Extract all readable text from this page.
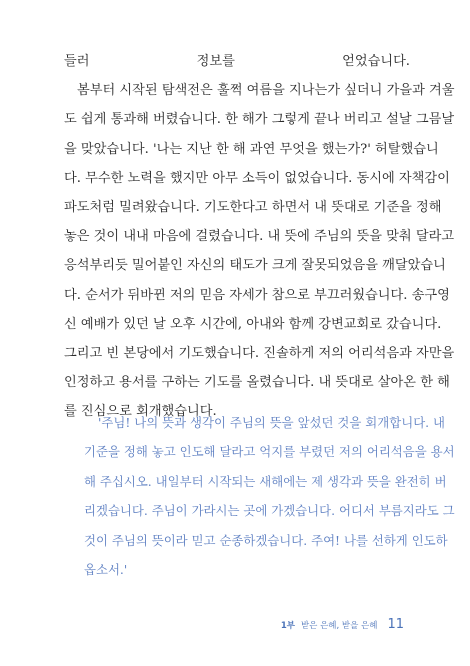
들러 정보를 얻었습니다.
봄부터 시작된 탐색전은 훌쩍 여름을 지나는가 싶더니 가을과 겨울
도 쉽게 통과해 버렸습니다. 한 해가 그렇게 끝나 버리고 설날 그믐날
을 맞았습니다. '나는 지난 한 해 과연 무엇을 했는가?' 허탈했습니
다. 무수한 노력을 했지만 아무 소득이 없었습니다. 동시에 자책감이
파도처럼 밀려왔습니다. 기도한다고 하면서 내 뜻대로 기준을 정해
놓은 것이 내내 마음에 걸렸습니다. 내 뜻에 주님의 뜻을 맞춰 달라고
응석부리듯 밀어붙인 자신의 태도가 크게 잘못되었음을 깨달았습니
다. 순서가 뒤바뀐 저의 믿음 자세가 참으로 부끄러웠습니다. 송구영
신 예배가 있던 날 오후 시간에, 아내와 함께 강변교회로 갔습니다.
그리고 빈 본당에서 기도했습니다. 진솔하게 저의 어리석음과 자만을
인정하고 용서를 구하는 기도를 올렸습니다. 내 뜻대로 살아온 한 해
를 진심으로 회개했습니다.
'주님! 나의 뜻과 생각이 주님의 뜻을 앞섰던 것을 회개합니다. 내
기준을 정해 놓고 인도해 달라고 억지를 부렸던 저의 어리석음을 용서
해 주십시오. 내일부터 시작되는 새해에는 제 생각과 뜻을 완전히 버
리겠습니다. 주님이 가라시는 곳에 가겠습니다. 어디서 부름지라도 그
것이 주님의 뜻이라 믿고 순종하겠습니다. 주여! 나를 선하게 인도하
옵소서.'
1부 받은 은혜, 받을 은혜 11
